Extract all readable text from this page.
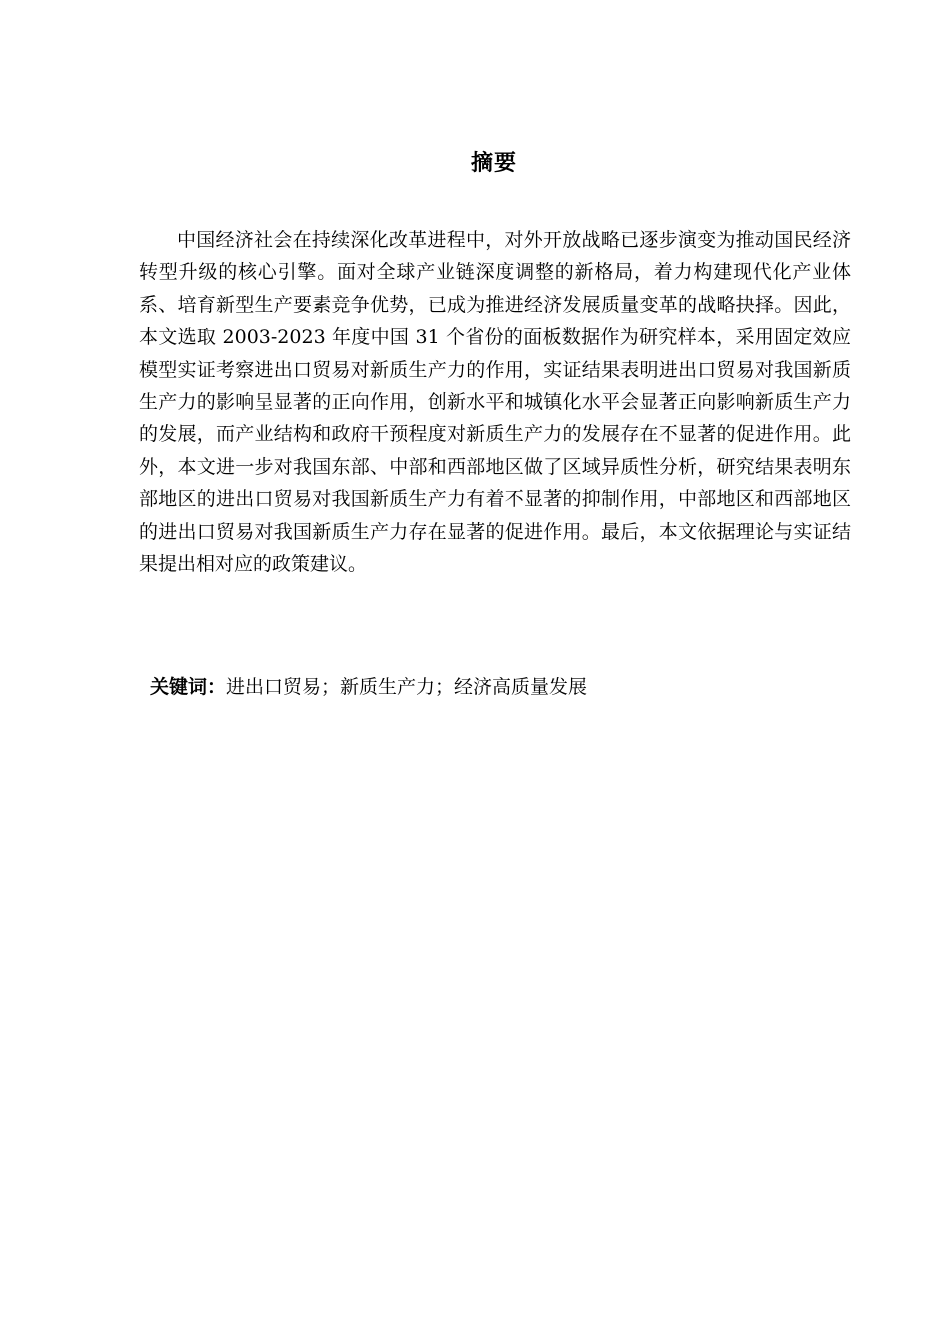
摘要

中国经济社会在持续深化改革进程中，对外开放战略已逐步演变为推动国民经济转型升级的核心引擎。面对全球产业链深度调整的新格局，着力构建现代化产业体系、培育新型生产要素竞争优势，已成为推进经济发展质量变革的战略抉择。因此，本文选取 2003-2023 年度中国 31 个省份的面板数据作为研究样本，采用固定效应模型实证考察进出口贸易对新质生产力的作用，实证结果表明进出口贸易对我国新质生产力的影响呈显著的正向作用，创新水平和城镇化水平会显著正向影响新质生产力的发展，而产业结构和政府干预程度对新质生产力的发展存在不显著的促进作用。此外，本文进一步对我国东部、中部和西部地区做了区域异质性分析，研究结果表明东部地区的进出口贸易对我国新质生产力有着不显著的抑制作用，中部地区和西部地区的进出口贸易对我国新质生产力存在显著的促进作用。最后，本文依据理论与实证结果提出相对应的政策建议。

关键词：进出口贸易；新质生产力；经济高质量发展
